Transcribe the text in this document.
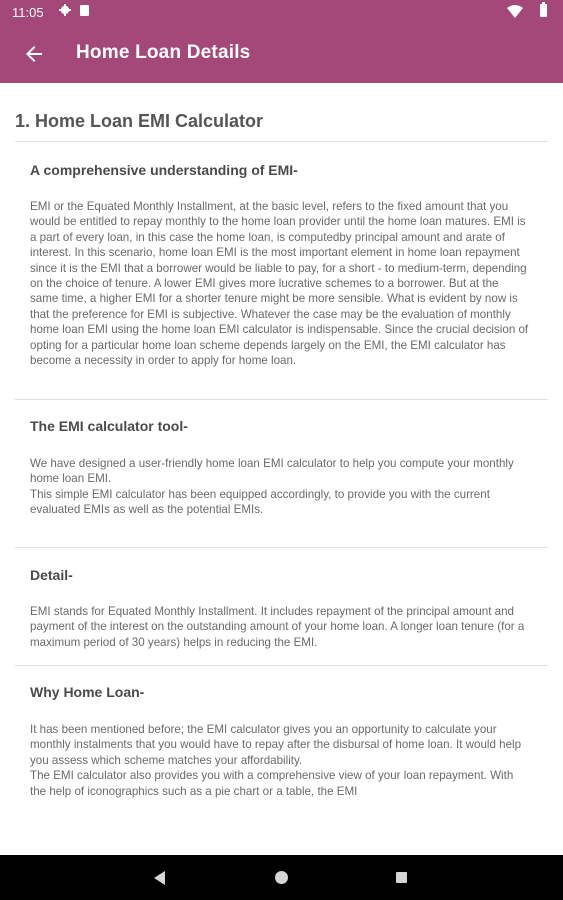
11:05
Home Loan Details
1. Home Loan EMI Calculator
A comprehensive understanding of EMI-

EMI or the Equated Monthly Installment, at the basic level, refers to the fixed amount that you would be entitled to repay monthly to the home loan provider until the home loan matures. EMI is a part of every loan, in this case the home loan, is computedby principal amount and arate of interest. In this scenario, home loan EMI is the most important element in home loan repayment since it is the EMI that a borrower would be liable to pay, for a short - to medium-term, depending on the choice of tenure. A lower EMI gives more lucrative schemes to a borrower. But at the same time, a higher EMI for a shorter tenure might be more sensible. What is evident by now is that the preference for EMI is subjective. Whatever the case may be the evaluation of monthly home loan EMI using the home loan EMI calculator is indispensable. Since the crucial decision of opting for a particular home loan scheme depends largely on the EMI, the EMI calculator has become a necessity in order to apply for home loan.

The EMI calculator tool-

We have designed a user-friendly home loan EMI calculator to help you compute your monthly home loan EMI.

This simple EMI calculator has been equipped accordingly, to provide you with the current evaluated EMIs as well as the potential EMIs.

Detail-

EMI stands for Equated Monthly Installment. It includes repayment of the principal amount and payment of the interest on the outstanding amount of your home loan. A longer loan tenure (for a maximum period of 30 years) helps in reducing the EMI.

Why Home Loan-

It has been mentioned before; the EMI calculator gives you an opportunity to calculate your monthly instalments that you would have to repay after the disbursal of home loan. It would help you assess which scheme matches your affordability.

The EMI calculator also provides you with a comprehensive view of your loan repayment. With the help of iconographics such as a pie chart or a table, the EMI
